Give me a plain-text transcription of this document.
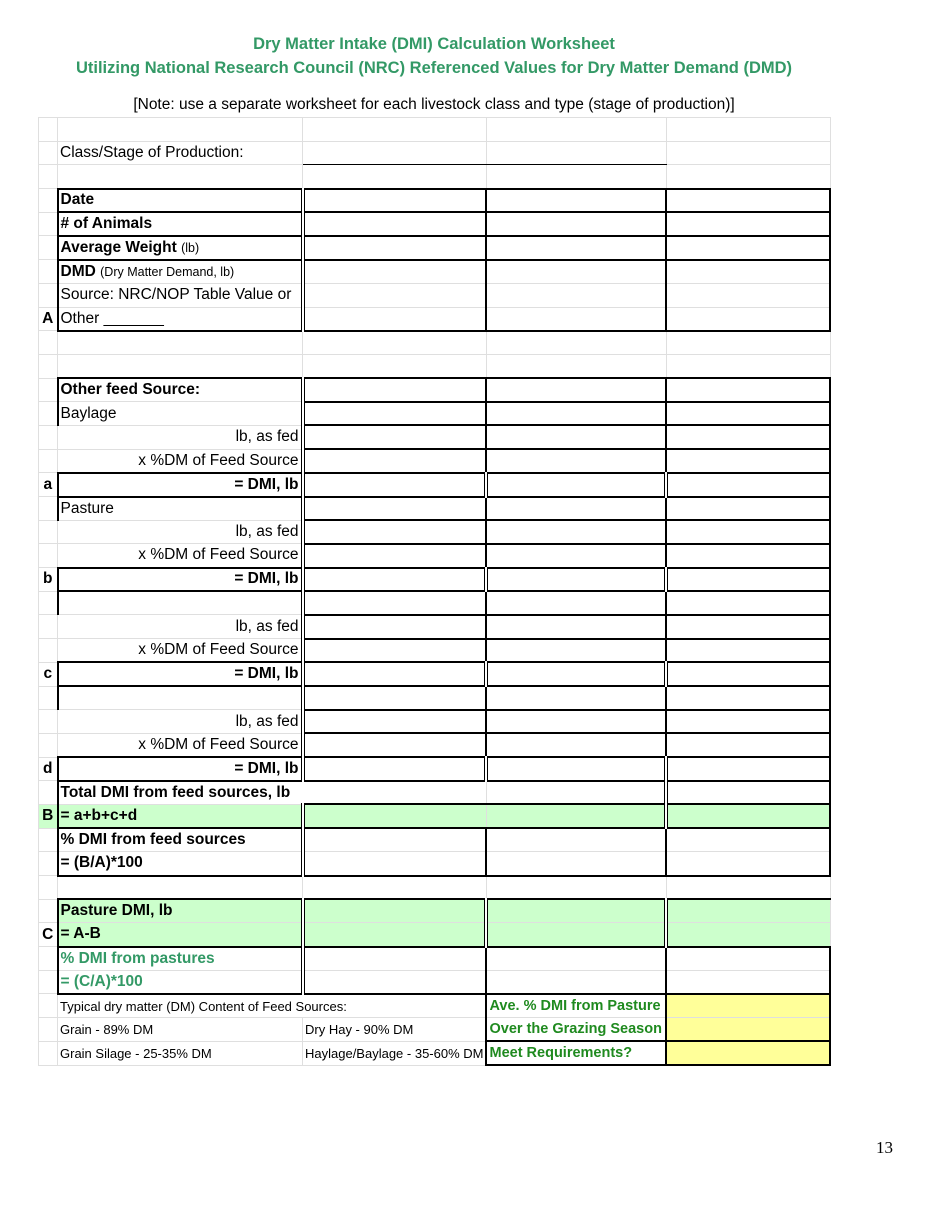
Dry Matter Intake (DMI) Calculation Worksheet
Utilizing National Research Council (NRC) Referenced Values for Dry Matter Demand (DMD)
[Note: use a separate worksheet for each livestock class and type (stage of production)]

	Class/Stage of Production:			

	Date			
	# of Animals			
	Average Weight (lb)			
	DMD (Dry Matter Demand, lb)			
	Source: NRC/NOP Table Value or			
A	Other _______			

	Other feed Source:			
	Baylage			
	lb, as fed			
	x %DM of Feed Source			
a	= DMI, lb			
	Pasture			
	lb, as fed			
	x %DM of Feed Source			
b	= DMI, lb			

	lb, as fed			
	x %DM of Feed Source			
c	= DMI, lb			

	lb, as fed			
	x %DM of Feed Source			
d	= DMI, lb			
	Total DMI from feed sources, lb			
B	= a+b+c+d			
	% DMI from feed sources			
	= (B/A)*100			

	Pasture DMI, lb			
C	= A-B			
	% DMI from pastures			
	= (C/A)*100			
	Typical dry matter (DM) Content of Feed Sources:		Ave. % DMI from Pasture	
	Grain - 89% DM	Dry Hay - 90% DM	Over the Grazing Season	
	Grain Silage - 25-35% DM	Haylage/Baylage - 35-60% DM	Meet Requirements?	
13
